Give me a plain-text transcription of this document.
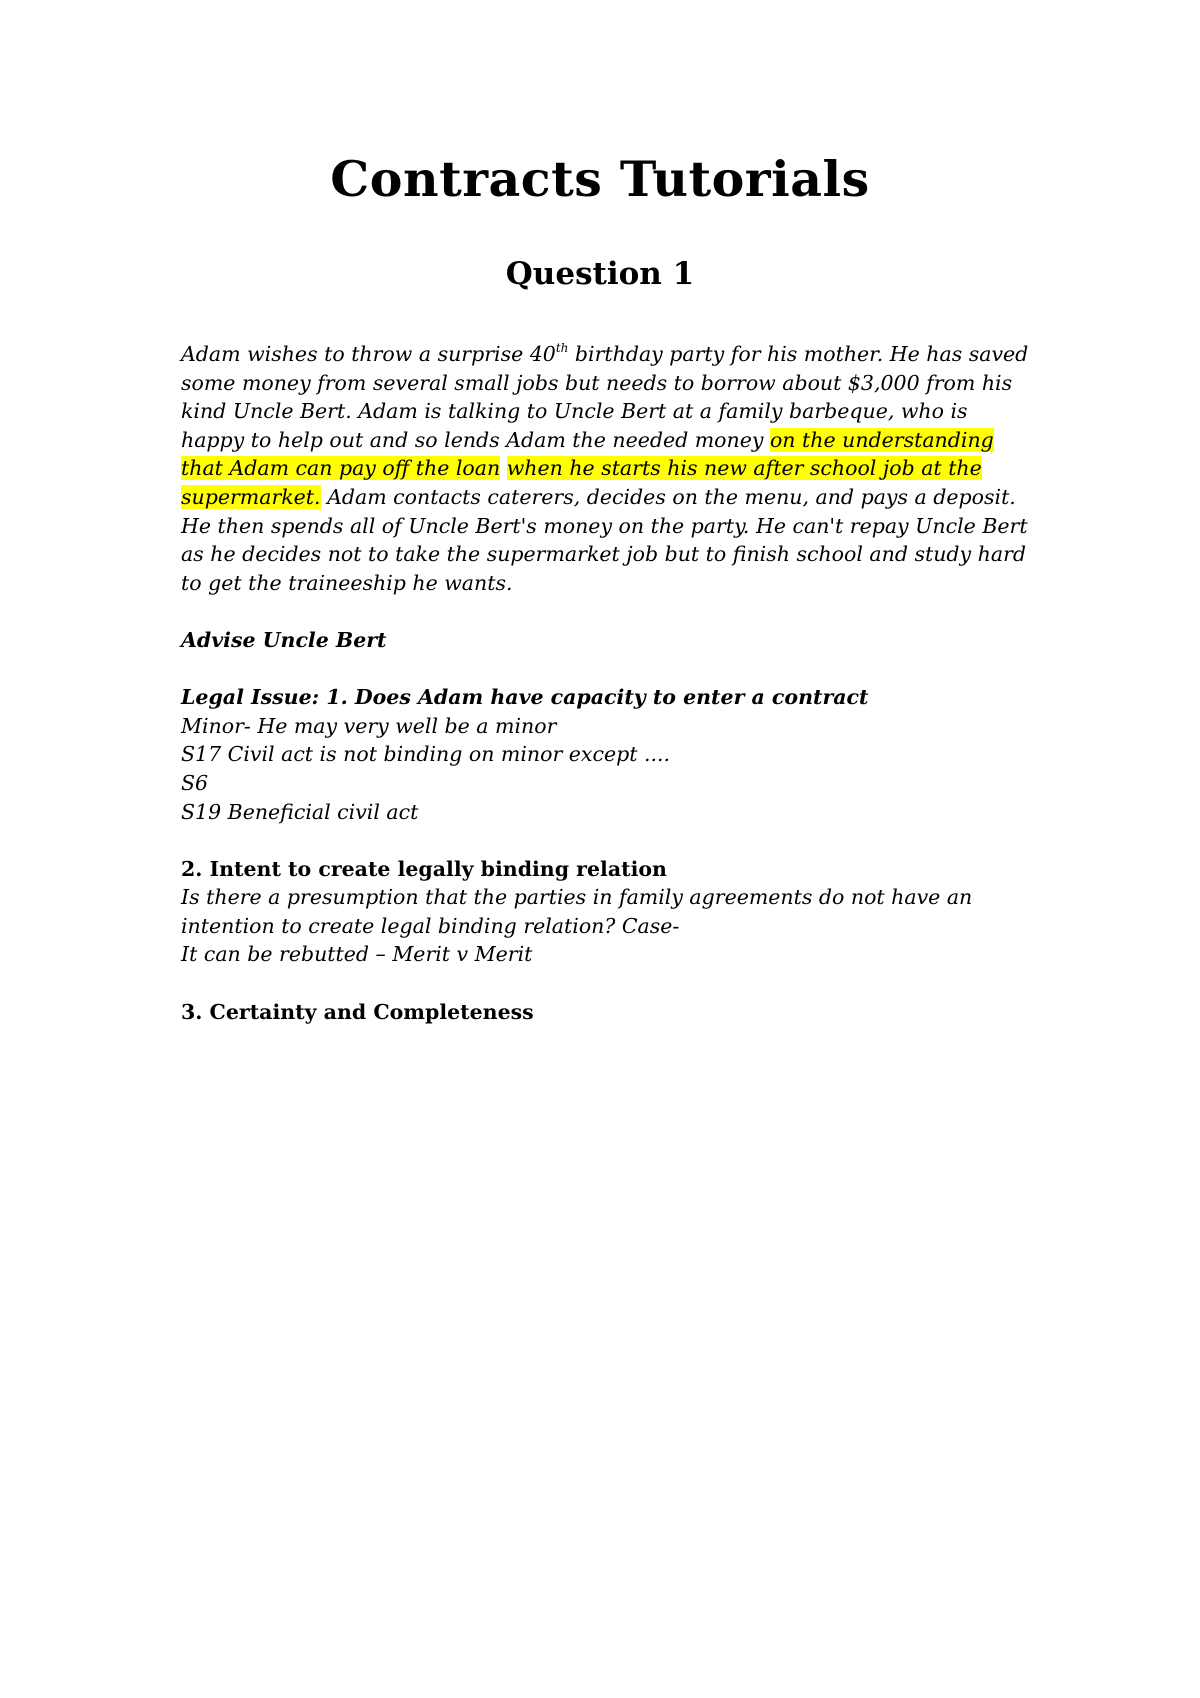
Contracts Tutorials
Question 1

Adam wishes to throw a surprise 40th birthday party for his mother. He has saved some money from several small jobs but needs to borrow about $3,000 from his kind Uncle Bert. Adam is talking to Uncle Bert at a family barbeque, who is happy to help out and so lends Adam the needed money on the understanding that Adam can pay off the loan when he starts his new after school job at the supermarket. Adam contacts caterers, decides on the menu, and pays a deposit. He then spends all of Uncle Bert's money on the party. He can't repay Uncle Bert as he decides not to take the supermarket job but to finish school and study hard to get the traineeship he wants.

Advise Uncle Bert

Legal Issue: 1. Does Adam have capacity to enter a contract

Minor- He may very well be a minor

S17 Civil act is not binding on minor except ....

S6

S19 Beneficial civil act

2. Intent to create legally binding relation

Is there a presumption that the parties in family agreements do not have an intention to create legal binding relation? Case-

It can be rebutted – Merit v Merit

3. Certainty and Completeness
